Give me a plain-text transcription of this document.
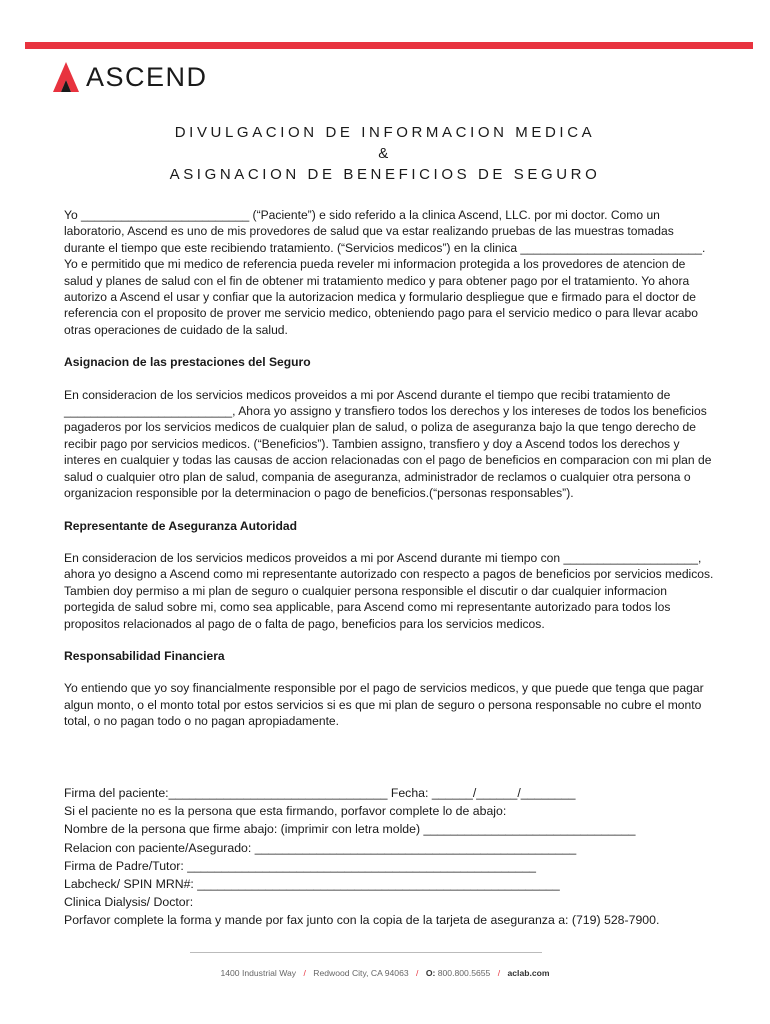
ASCEND
DIVULGACION DE INFORMACION MEDICA
&
ASIGNACION DE BENEFICIOS DE SEGURO

Yo _________________________ (“Paciente”) e sido referido a la clinica Ascend, LLC. por mi doctor. Como un laboratorio, Ascend es uno de mis provedores de salud que va estar realizando pruebas de las muestras tomadas durante el tiempo que este recibiendo tratamiento. (“Servicios medicos”) en la clinica ___________________________. Yo e permitido que mi medico de referencia pueda reveler mi informacion protegida a los provedores de atencion de salud y planes de salud con el fin de obtener mi tratamiento medico y para obtener pago por el tratamiento. Yo ahora autorizo a Ascend el usar y confiar que la autorizacion medica y formulario despliegue que e firmado para el doctor de referencia con el proposito de prover me servicio medico, obteniendo pago para el servicio medico o para llevar acabo otras operaciones de cuidado de la salud.

Asignacion de las prestaciones del Seguro

En consideracion de los servicios medicos proveidos a mi por Ascend durante el tiempo que recibi tratamiento de _________________________, Ahora yo assigno y transfiero todos los derechos y los intereses de todos los beneficios pagaderos por los servicios medicos de cualquier plan de salud, o poliza de aseguranza bajo la que tengo derecho de recibir pago por servicios medicos. (“Beneficios”). Tambien assigno, transfiero y doy a Ascend todos los derechos y interes en cualquier y todas las causas de accion relacionadas con el pago de beneficios en comparacion con mi plan de salud o cualquier otro plan de salud, compania de aseguranza, administrador de reclamos o cualquier otra persona o organizacion responsible por la determinacion o pago de beneficios.(“personas responsables”).

Representante de Aseguranza Autoridad

En consideracion de los servicios medicos proveidos a mi por Ascend durante mi tiempo con ____________________, ahora yo designo a Ascend como mi representante autorizado con respecto a pagos de beneficios por servicios medicos. Tambien doy permiso a mi plan de seguro o cualquier persona responsible el discutir o dar cualquier informacion portegida de salud sobre mi, como sea applicable, para Ascend como mi representante autorizado para todos los propositos relacionados al pago de o falta de pago, beneficios para los servicios medicos.

Responsabilidad Financiera

Yo entiendo que yo soy financialmente responsible por el pago de servicios medicos, y que puede que tenga que pagar algun monto, o el monto total por estos servicios si es que mi plan de seguro o persona responsable no cubre el monto total, o no pagan todo o no pagan apropiadamente.

Firma del paciente:________________________________ Fecha: ______/______/________
Si el paciente no es la persona que esta firmando, porfavor complete lo de abajo:
Nombre de la persona que firme abajo: (imprimir con letra molde) _______________________________
Relacion con paciente/Asegurado: _______________________________________________
Firma de Padre/Tutor: ___________________________________________________
Labcheck/ SPIN MRN#: _____________________________________________________
Clinica Dialysis/ Doctor:
Porfavor complete la forma y mande por fax junto con la copia de la tarjeta de aseguranza a: (719) 528-7900.
1400 Industrial Way / Redwood City, CA 94063 / O: 800.800.5655 / aclab.com
